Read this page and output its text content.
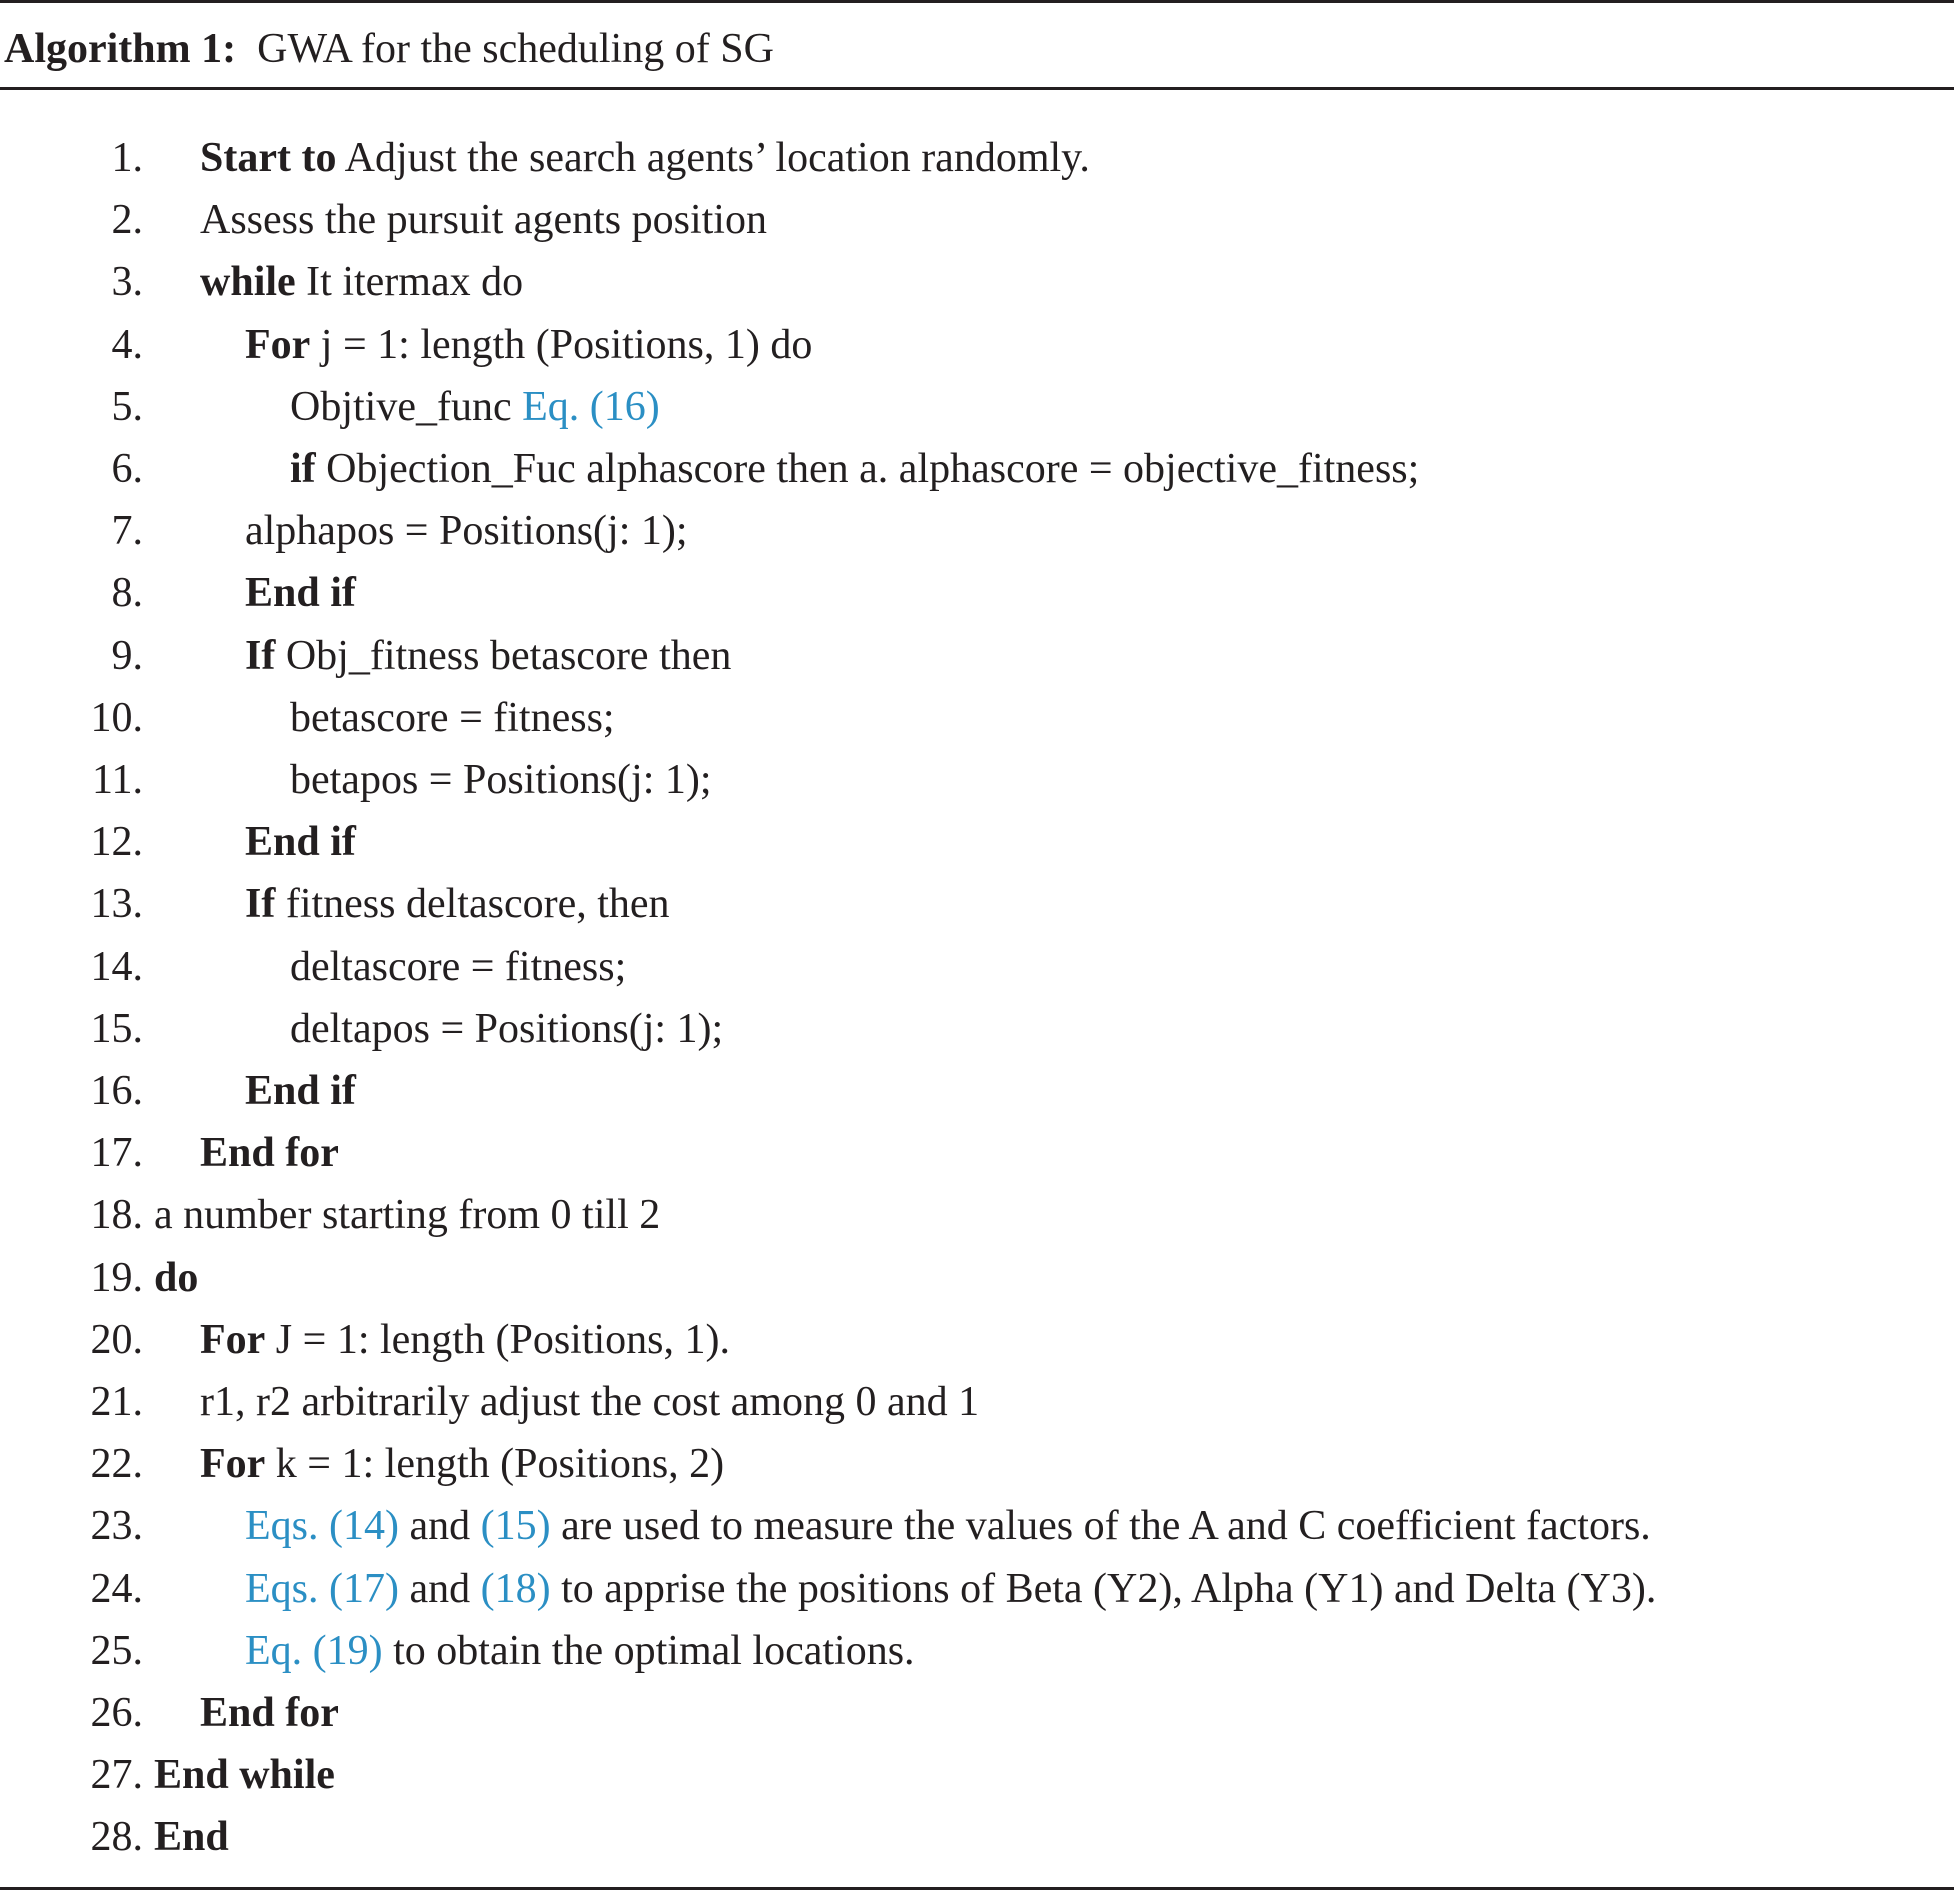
Algorithm 1: GWA for the scheduling of SG
1. Start to Adjust the search agents’ location randomly.
2. Assess the pursuit agents position
3. while It itermax do
4. For j = 1: length (Positions, 1) do
5.	Objtive_func Eq. (16)
6.	if Objection_Fuc alphascore then a. alphascore = objective_fitness;
7. alphapos = Positions(j: 1);
8. End if
9. If Obj_fitness betascore then
10.	betascore = fitness;
11.	betapos = Positions(j: 1);
12. End if
13. If fitness deltascore, then
14.	deltascore = fitness;
15.	deltapos = Positions(j: 1);
16. End if
17. End for
18. a number starting from 0 till 2
19. do
20. For J = 1: length (Positions, 1).
21. r1, r2 arbitrarily adjust the cost among 0 and 1
22. For k = 1: length (Positions, 2)
23. Eqs. (14) and (15) are used to measure the values of the A and C coefficient factors.
24. Eqs. (17) and (18) to apprise the positions of Beta (Y2), Alpha (Y1) and Delta (Y3).
25. Eq. (19) to obtain the optimal locations.
26. End for
27. End while
28. End
